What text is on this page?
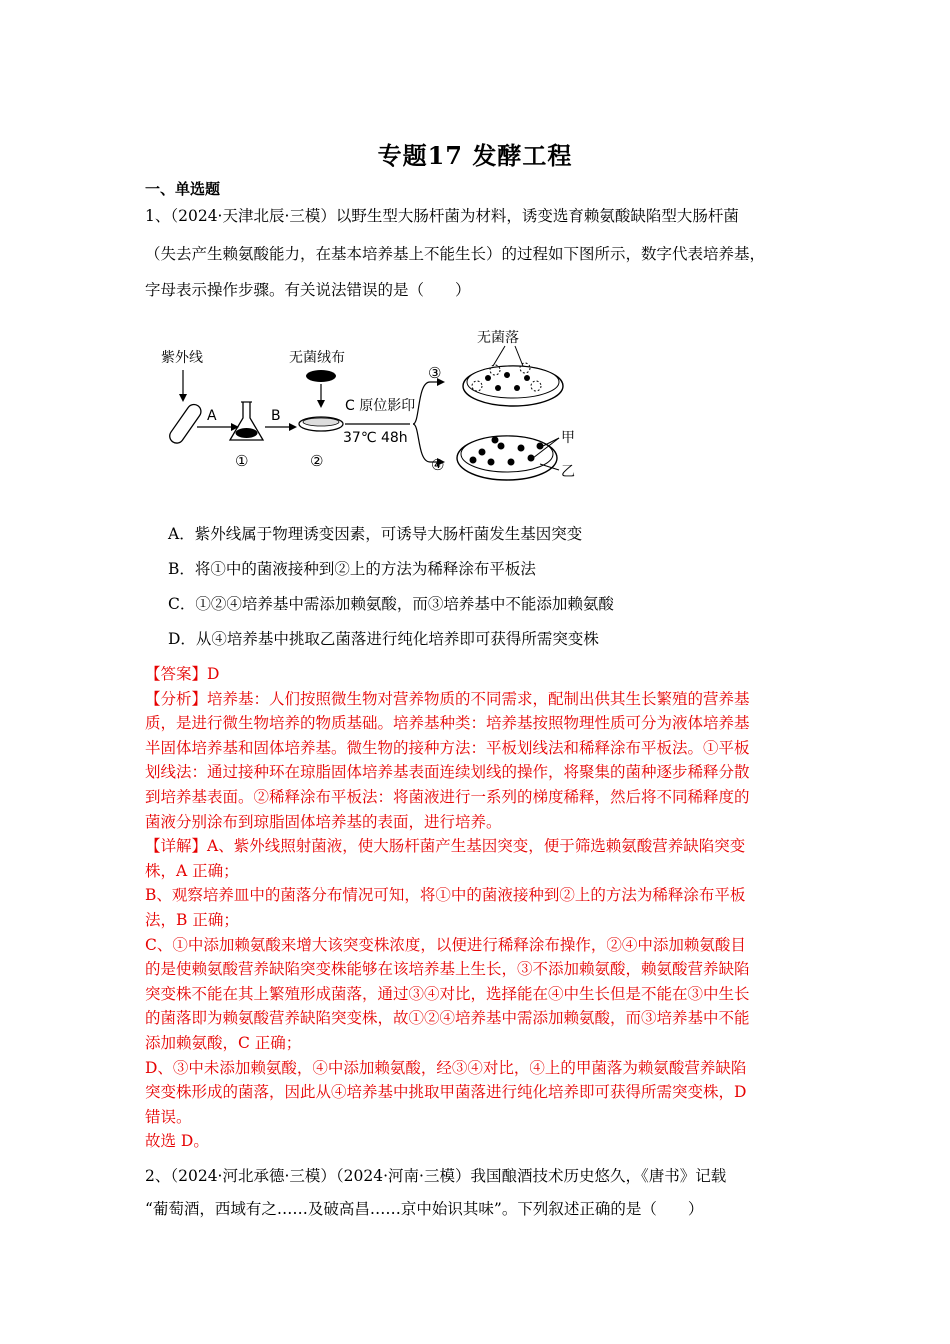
专题17 发酵工程
一、单选题
1、（2024·天津北辰·三模）以野生型大肠杆菌为材料，诱变选育赖氨酸缺陷型大肠杆菌
（失去产生赖氨酸能力，在基本培养基上不能生长）的过程如下图所示，数字代表培养基，
字母表示操作步骤。有关说法错误的是（　　）
紫外线
A
①
B
无菌绒布
②
C 原位影印
37℃ 48h
③
④
无菌落
甲
乙
A．紫外线属于物理诱变因素，可诱导大肠杆菌发生基因突变
B．将①中的菌液接种到②上的方法为稀释涂布平板法
C．①②④培养基中需添加赖氨酸，而③培养基中不能添加赖氨酸
D．从④培养基中挑取乙菌落进行纯化培养即可获得所需突变株
【答案】D
【分析】培养基：人们按照微生物对营养物质的不同需求，配制出供其生长繁殖的营养基
质，是进行微生物培养的物质基础。培养基种类：培养基按照物理性质可分为液体培养基
半固体培养基和固体培养基。微生物的接种方法：平板划线法和稀释涂布平板法。①平板
划线法：通过接种环在琼脂固体培养基表面连续划线的操作，将聚集的菌种逐步稀释分散
到培养基表面。②稀释涂布平板法：将菌液进行一系列的梯度稀释，然后将不同稀释度的
菌液分别涂布到琼脂固体培养基的表面，进行培养。
【详解】A、紫外线照射菌液，使大肠杆菌产生基因突变，便于筛选赖氨酸营养缺陷突变
株，A 正确；
B、观察培养皿中的菌落分布情况可知，将①中的菌液接种到②上的方法为稀释涂布平板
法，B 正确；
C、①中添加赖氨酸来增大该突变株浓度，以便进行稀释涂布操作，②④中添加赖氨酸目
的是使赖氨酸营养缺陷突变株能够在该培养基上生长，③不添加赖氨酸，赖氨酸营养缺陷
突变株不能在其上繁殖形成菌落，通过③④对比，选择能在④中生长但是不能在③中生长
的菌落即为赖氨酸营养缺陷突变株，故①②④培养基中需添加赖氨酸，而③培养基中不能
添加赖氨酸，C 正确；
D、③中未添加赖氨酸，④中添加赖氨酸，经③④对比，④上的甲菌落为赖氨酸营养缺陷
突变株形成的菌落，因此从④培养基中挑取甲菌落进行纯化培养即可获得所需突变株，D
错误。
故选 D。
2、（2024·河北承德·三模）（2024·河南·三模）我国酿酒技术历史悠久，《唐书》记载
“葡萄酒，西域有之……及破高昌……京中始识其味”。下列叙述正确的是（　　）
